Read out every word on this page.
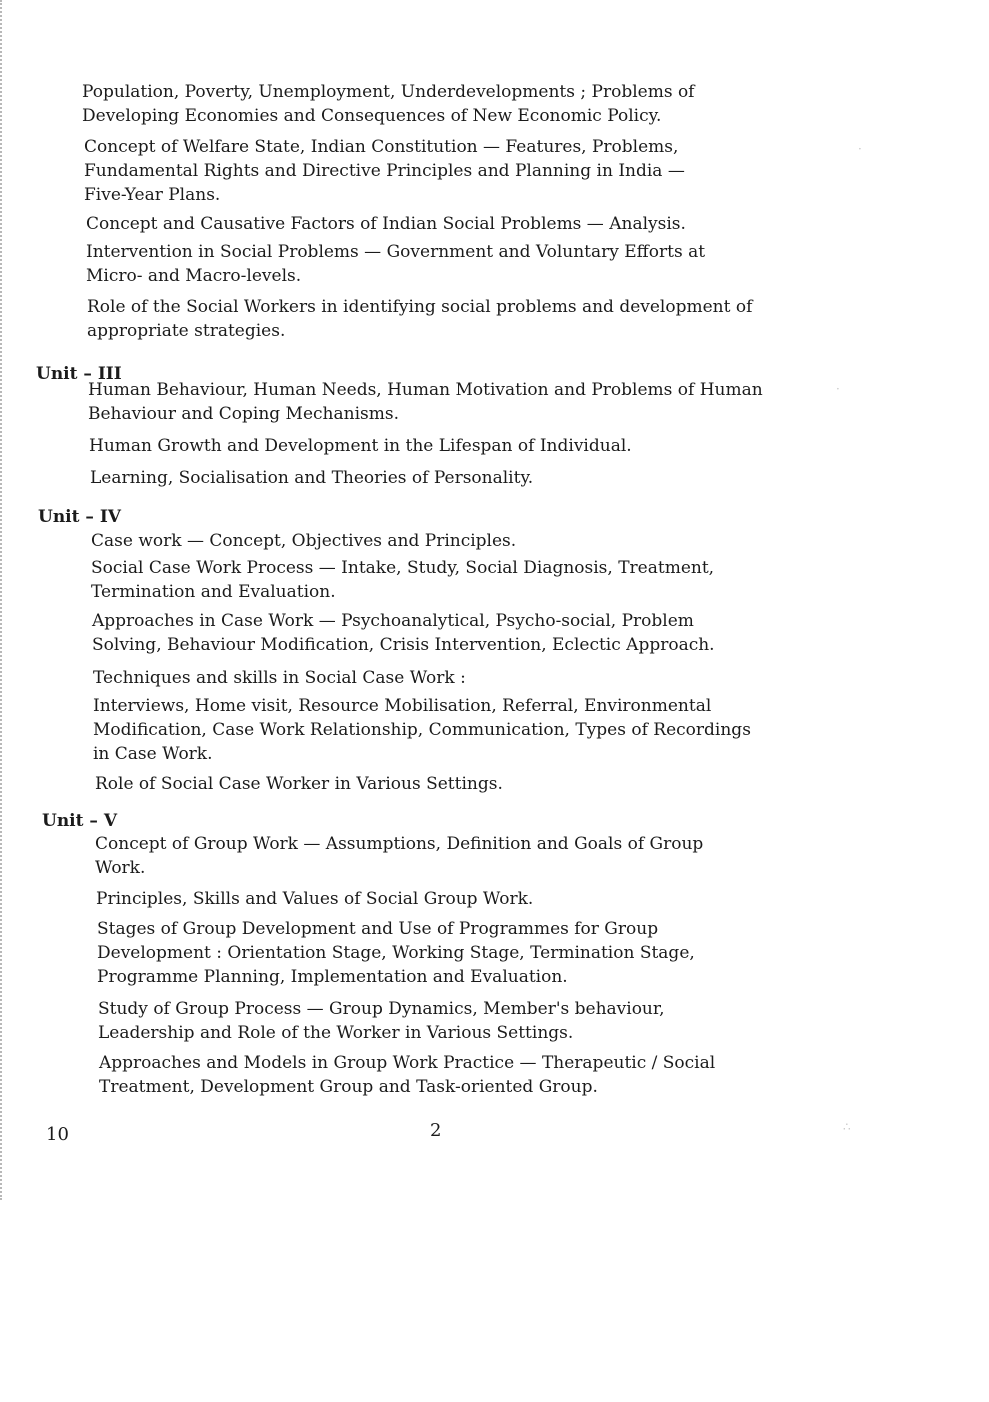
Population, Poverty, Unemployment, Underdevelopments ; Problems of
Developing Economies and Consequences of New Economic Policy.
Concept of Welfare State, Indian Constitution — Features, Problems,
Fundamental Rights and Directive Principles and Planning in India —
Five-Year Plans.
Concept and Causative Factors of Indian Social Problems — Analysis.
Intervention in Social Problems — Government and Voluntary Efforts at
Micro- and Macro-levels.
Role of the Social Workers in identifying social problems and development of
appropriate strategies.
Unit – III
Human Behaviour, Human Needs, Human Motivation and Problems of Human
Behaviour and Coping Mechanisms.
Human Growth and Development in the Lifespan of Individual.
Learning, Socialisation and Theories of Personality.
Unit – IV
Case work — Concept, Objectives and Principles.
Social Case Work Process — Intake, Study, Social Diagnosis, Treatment,
Termination and Evaluation.
Approaches in Case Work — Psychoanalytical, Psycho-social, Problem
Solving, Behaviour Modification, Crisis Intervention, Eclectic Approach.
Techniques and skills in Social Case Work :
Interviews, Home visit, Resource Mobilisation, Referral, Environmental
Modification, Case Work Relationship, Communication, Types of Recordings
in Case Work.
Role of Social Case Worker in Various Settings.
Unit – V
Concept of Group Work — Assumptions, Definition and Goals of Group
Work.
Principles, Skills and Values of Social Group Work.
Stages of Group Development and Use of Programmes for Group
Development : Orientation Stage, Working Stage, Termination Stage,
Programme Planning, Implementation and Evaluation.
Study of Group Process — Group Dynamics, Member's behaviour,
Leadership and Role of the Worker in Various Settings.
Approaches and Models in Group Work Practice — Therapeutic / Social
Treatment, Development Group and Task-oriented Group.
10	2	∴
·
·
